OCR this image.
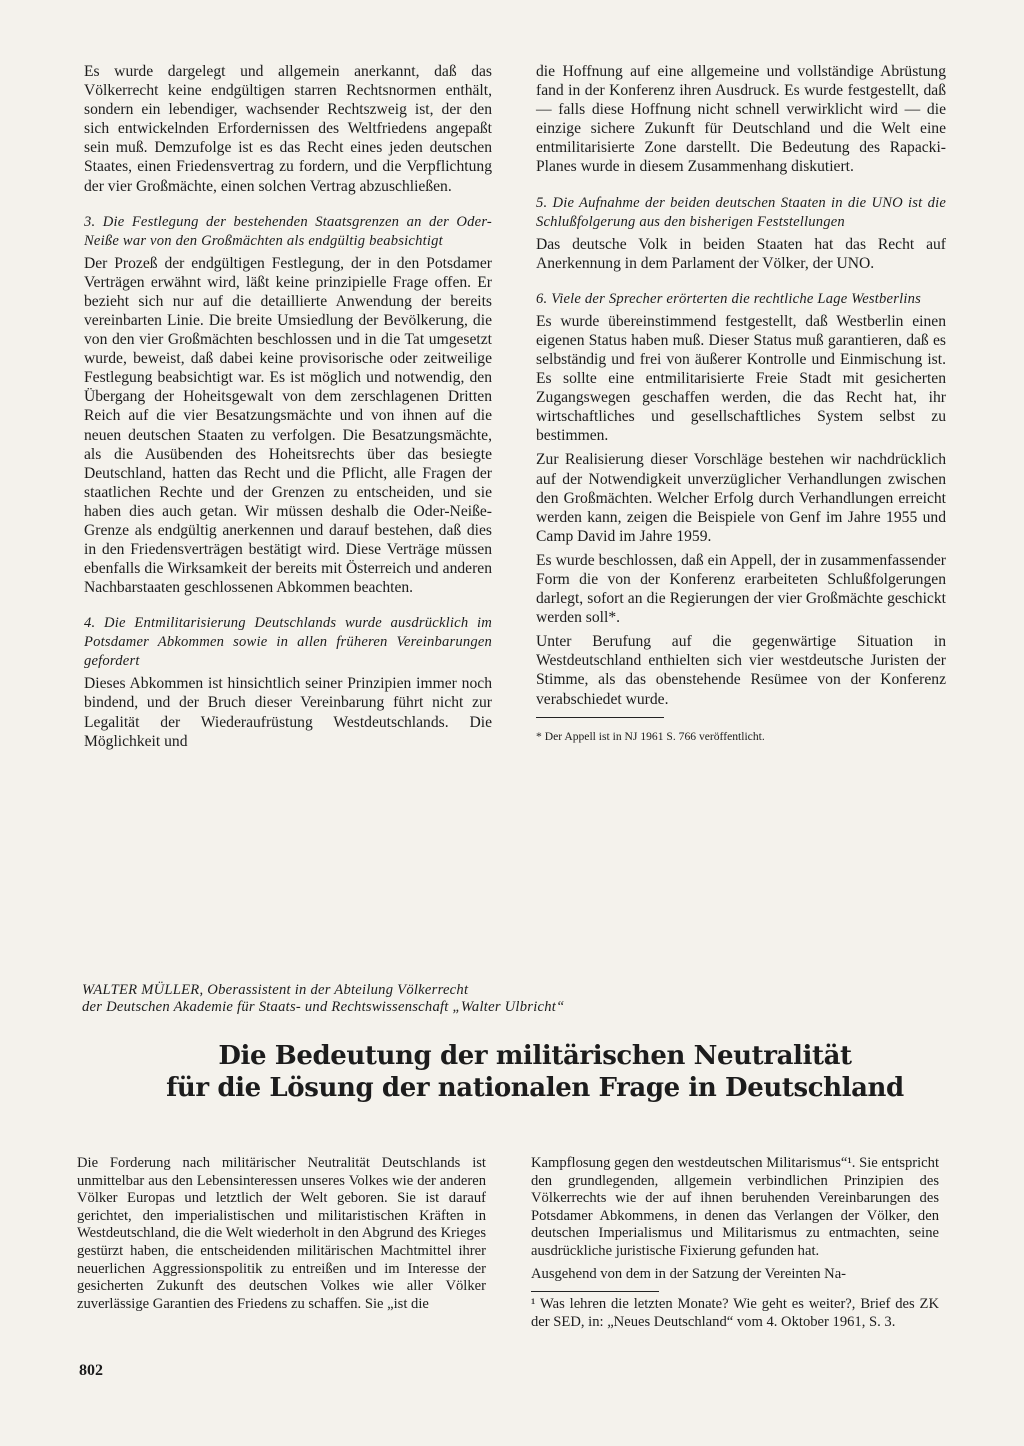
Es wurde dargelegt und allgemein anerkannt, daß das Völkerrecht keine endgültigen starren Rechtsnormen enthält, sondern ein lebendiger, wachsender Rechtszweig ist, der den sich entwickelnden Erfordernissen des Weltfriedens angepaßt sein muß. Demzufolge ist es das Recht eines jeden deutschen Staates, einen Friedensvertrag zu fordern, und die Verpflichtung der vier Großmächte, einen solchen Vertrag abzuschließen.

3. Die Festlegung der bestehenden Staatsgrenzen an der Oder-Neiße war von den Großmächten als endgültig beabsichtigt

Der Prozeß der endgültigen Festlegung, der in den Potsdamer Verträgen erwähnt wird, läßt keine prinzipielle Frage offen. Er bezieht sich nur auf die detaillierte Anwendung der bereits vereinbarten Linie. Die breite Umsiedlung der Bevölkerung, die von den vier Großmächten beschlossen und in die Tat umgesetzt wurde, beweist, daß dabei keine provisorische oder zeitweilige Festlegung beabsichtigt war. Es ist möglich und notwendig, den Übergang der Hoheitsgewalt von dem zerschlagenen Dritten Reich auf die vier Besatzungsmächte und von ihnen auf die neuen deutschen Staaten zu verfolgen. Die Besatzungsmächte, als die Ausübenden des Hoheitsrechts über das besiegte Deutschland, hatten das Recht und die Pflicht, alle Fragen der staatlichen Rechte und der Grenzen zu entscheiden, und sie haben dies auch getan. Wir müssen deshalb die Oder-Neiße-Grenze als endgültig anerkennen und darauf bestehen, daß dies in den Friedensverträgen bestätigt wird. Diese Verträge müssen ebenfalls die Wirksamkeit der bereits mit Österreich und anderen Nachbarstaaten geschlossenen Abkommen beachten.

4. Die Entmilitarisierung Deutschlands wurde ausdrücklich im Potsdamer Abkommen sowie in allen früheren Vereinbarungen gefordert

Dieses Abkommen ist hinsichtlich seiner Prinzipien immer noch bindend, und der Bruch dieser Vereinbarung führt nicht zur Legalität der Wiederaufrüstung Westdeutschlands. Die Möglichkeit und

die Hoffnung auf eine allgemeine und vollständige Abrüstung fand in der Konferenz ihren Ausdruck. Es wurde festgestellt, daß — falls diese Hoffnung nicht schnell verwirklicht wird — die einzige sichere Zukunft für Deutschland und die Welt eine entmilitarisierte Zone darstellt. Die Bedeutung des Rapacki-Planes wurde in diesem Zusammenhang diskutiert.

5. Die Aufnahme der beiden deutschen Staaten in die UNO ist die Schlußfolgerung aus den bisherigen Feststellungen

Das deutsche Volk in beiden Staaten hat das Recht auf Anerkennung in dem Parlament der Völker, der UNO.

6. Viele der Sprecher erörterten die rechtliche Lage Westberlins

Es wurde übereinstimmend festgestellt, daß Westberlin einen eigenen Status haben muß. Dieser Status muß garantieren, daß es selbständig und frei von äußerer Kontrolle und Einmischung ist. Es sollte eine entmilitarisierte Freie Stadt mit gesicherten Zugangswegen geschaffen werden, die das Recht hat, ihr wirtschaftliches und gesellschaftliches System selbst zu bestimmen.

Zur Realisierung dieser Vorschläge bestehen wir nachdrücklich auf der Notwendigkeit unverzüglicher Verhandlungen zwischen den Großmächten. Welcher Erfolg durch Verhandlungen erreicht werden kann, zeigen die Beispiele von Genf im Jahre 1955 und Camp David im Jahre 1959.

Es wurde beschlossen, daß ein Appell, der in zusammenfassender Form die von der Konferenz erarbeiteten Schlußfolgerungen darlegt, sofort an die Regierungen der vier Großmächte geschickt werden soll*.

Unter Berufung auf die gegenwärtige Situation in Westdeutschland enthielten sich vier westdeutsche Juristen der Stimme, als das obenstehende Resümee von der Konferenz verabschiedet wurde.

* Der Appell ist in NJ 1961 S. 766 veröffentlicht.

WALTER MÜLLER, Oberassistent in der Abteilung Völkerrecht
der Deutschen Akademie für Staats- und Rechtswissenschaft „Walter Ulbricht“
Die Bedeutung der militärischen Neutralität
für die Lösung der nationalen Frage in Deutschland

Die Forderung nach militärischer Neutralität Deutschlands ist unmittelbar aus den Lebensinteressen unseres Volkes wie der anderen Völker Europas und letztlich der Welt geboren. Sie ist darauf gerichtet, den imperialistischen und militaristischen Kräften in Westdeutschland, die die Welt wiederholt in den Abgrund des Krieges gestürzt haben, die entscheidenden militärischen Machtmittel ihrer neuerlichen Aggressionspolitik zu entreißen und im Interesse der gesicherten Zukunft des deutschen Volkes wie aller Völker zuverlässige Garantien des Friedens zu schaffen. Sie „ist die

Kampflosung gegen den westdeutschen Militarismus“¹. Sie entspricht den grundlegenden, allgemein verbindlichen Prinzipien des Völkerrechts wie der auf ihnen beruhenden Vereinbarungen des Potsdamer Abkommens, in denen das Verlangen der Völker, den deutschen Imperialismus und Militarismus zu entmachten, seine ausdrückliche juristische Fixierung gefunden hat.

Ausgehend von dem in der Satzung der Vereinten Na-

¹ Was lehren die letzten Monate? Wie geht es weiter?, Brief des ZK der SED, in: „Neues Deutschland“ vom 4. Oktober 1961, S. 3.

802
